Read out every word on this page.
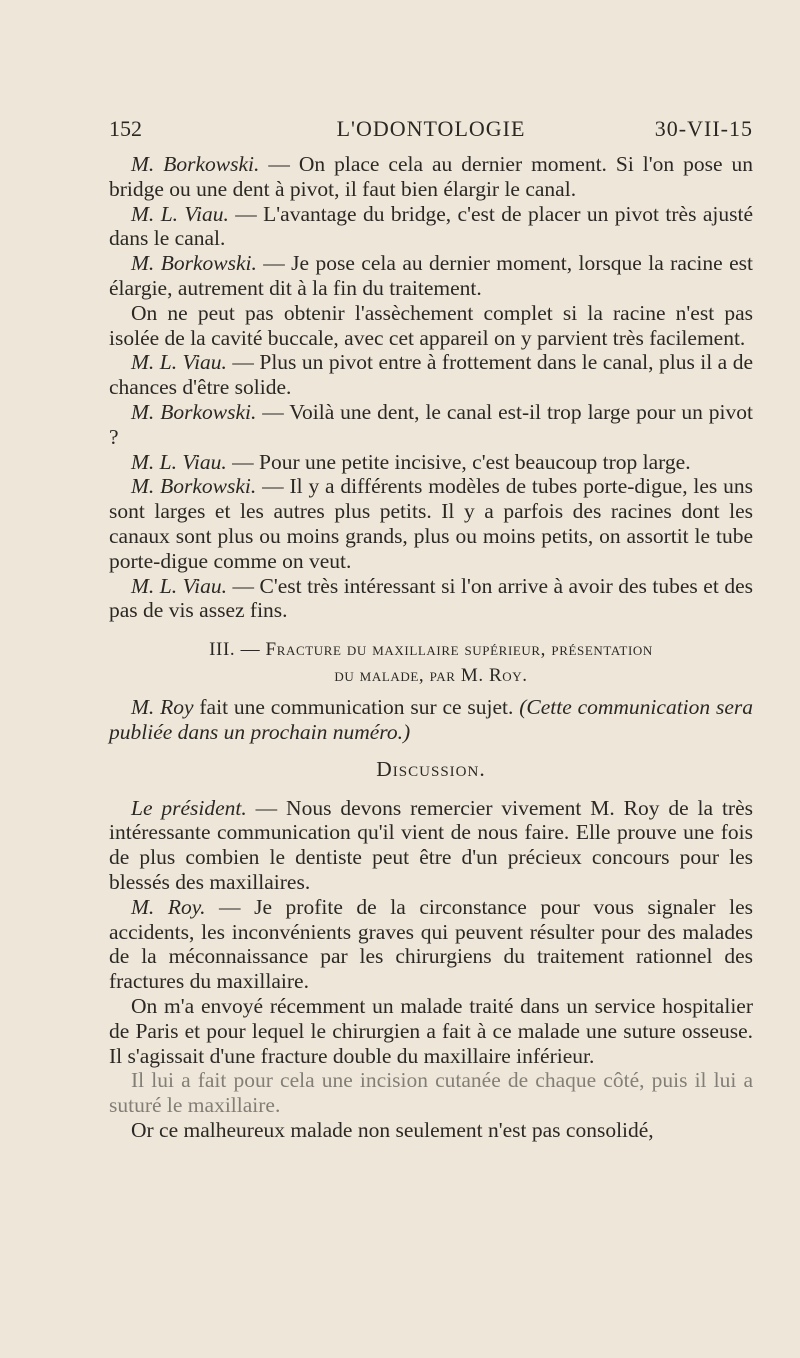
152	L'ODONTOLOGIE	30-VII-15

M. Borkowski. — On place cela au dernier moment. Si l'on pose un bridge ou une dent à pivot, il faut bien élargir le canal.

M. L. Viau. — L'avantage du bridge, c'est de placer un pivot très ajusté dans le canal.

M. Borkowski. — Je pose cela au dernier moment, lorsque la racine est élargie, autrement dit à la fin du traitement.

On ne peut pas obtenir l'assèchement complet si la racine n'est pas isolée de la cavité buccale, avec cet appareil on y parvient très facilement.

M. L. Viau. — Plus un pivot entre à frottement dans le canal, plus il a de chances d'être solide.

M. Borkowski. — Voilà une dent, le canal est-il trop large pour un pivot ?

M. L. Viau. — Pour une petite incisive, c'est beaucoup trop large.

M. Borkowski. — Il y a différents modèles de tubes porte-digue, les uns sont larges et les autres plus petits. Il y a parfois des racines dont les canaux sont plus ou moins grands, plus ou moins petits, on assortit le tube porte-digue comme on veut.

M. L. Viau. — C'est très intéressant si l'on arrive à avoir des tubes et des pas de vis assez fins.

III. — Fracture du maxillaire supérieur, présentation
du malade, par M. Roy.

M. Roy fait une communication sur ce sujet. (Cette communication sera publiée dans un prochain numéro.)

Discussion.

Le président. — Nous devons remercier vivement M. Roy de la très intéressante communication qu'il vient de nous faire. Elle prouve une fois de plus combien le dentiste peut être d'un précieux concours pour les blessés des maxillaires.

M. Roy. — Je profite de la circonstance pour vous signaler les accidents, les inconvénients graves qui peuvent résulter pour des malades de la méconnaissance par les chirurgiens du traitement rationnel des fractures du maxillaire.

On m'a envoyé récemment un malade traité dans un service hospitalier de Paris et pour lequel le chirurgien a fait à ce malade une suture osseuse. Il s'agissait d'une fracture double du maxillaire inférieur.

Il lui a fait pour cela une incision cutanée de chaque côté, puis il lui a suturé le maxillaire.

Or ce malheureux malade non seulement n'est pas consolidé,
